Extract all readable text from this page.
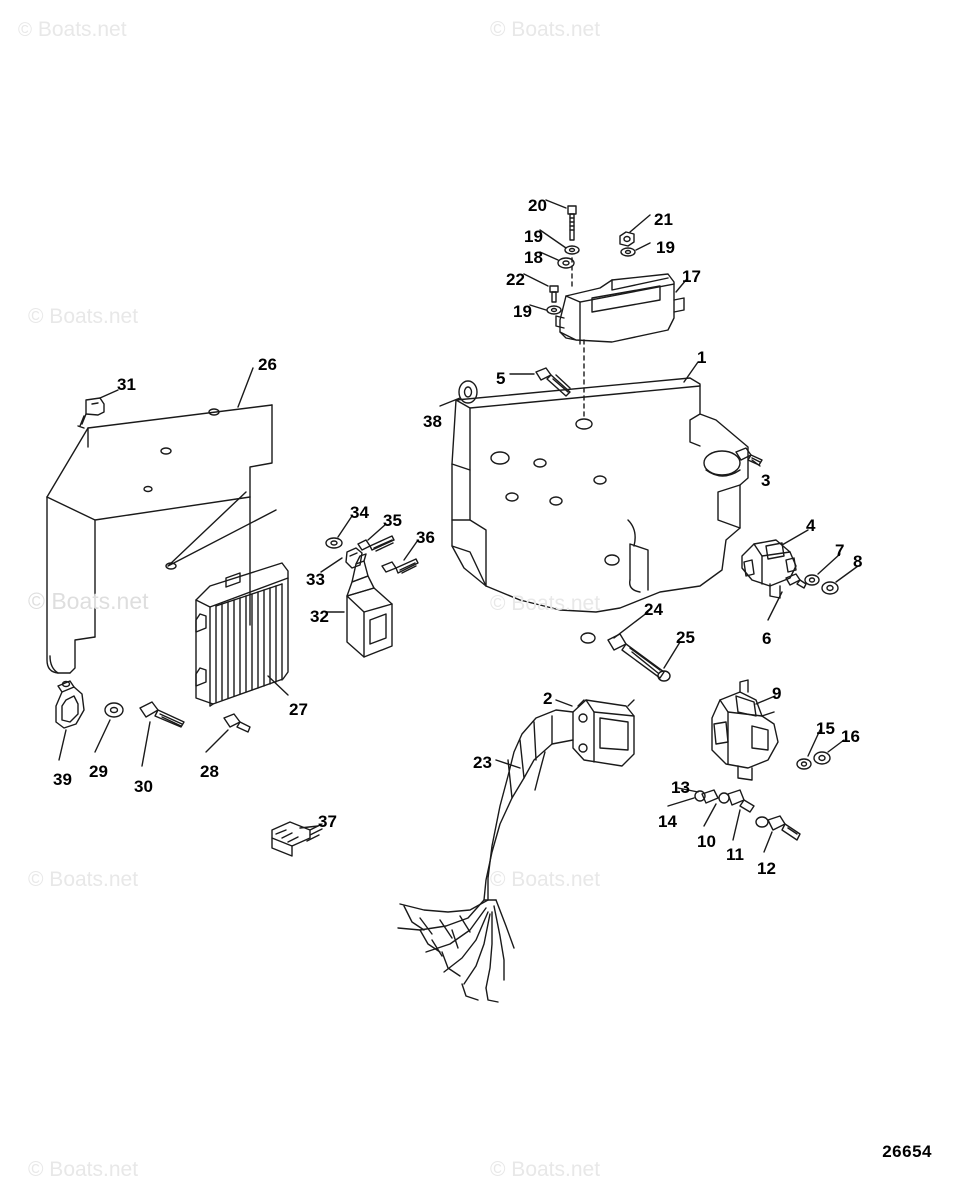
© Boats.net	© Boats.net
© Boats.net
© Boats.net	© Boats.net
© Boats.net	© Boats.net
© Boats.net	© Boats.net
1
2
3
4
5
6
7
8
9
10
11
12
13
14
15 16
17
18
19
19
19
20
21
22
23
24
25
26
27
28
29
30
31
32
33
34 35
36
37
38
39
26654
